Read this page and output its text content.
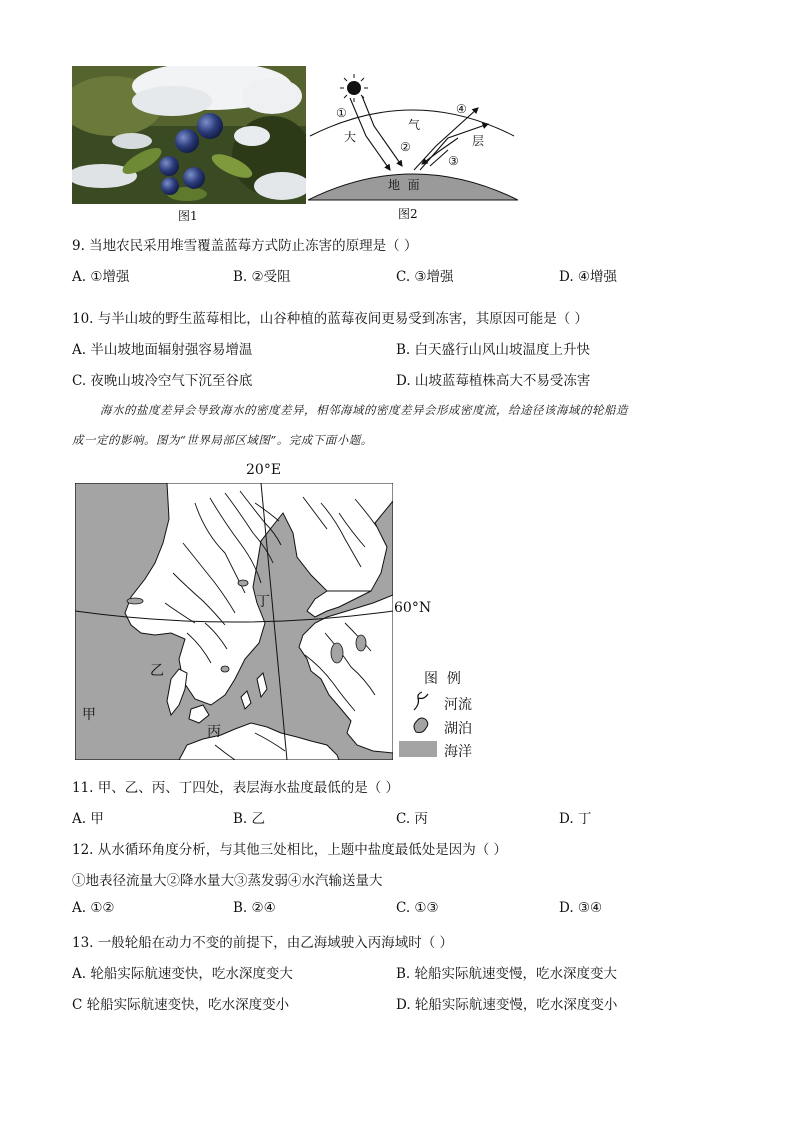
图1
①
②
③
④
大
气
层
地  面
图2
9. 当地农民采用堆雪覆盖蓝莓方式防止冻害的原理是（ ）
A. ①增强	B. ②受阻	C. ③增强	D. ④增强
10. 与半山坡的野生蓝莓相比，山谷种植的蓝莓夜间更易受到冻害，其原因可能是（ ）
A. 半山坡地面辐射强容易增温	B. 白天盛行山风山坡温度上升快
C. 夜晚山坡冷空气下沉至谷底	D. 山坡蓝莓植株高大不易受冻害
海水的盐度差异会导致海水的密度差异，相邻海域的密度差异会形成密度流，给途径该海域的轮船造
成一定的影响。图为“世界局部区域图”。完成下面小题。
20°E
60°N
甲
乙
丙
丁
图  例
河流
湖泊
海洋
11. 甲、乙、丙、丁四处，表层海水盐度最低的是（ ）
A. 甲	B. 乙	C. 丙	D. 丁
12. 从水循环角度分析，与其他三处相比，上题中盐度最低处是因为（ ）
①地表径流量大②降水量大③蒸发弱④水汽输送量大
A. ①②	B. ②④	C. ①③	D. ③④
13. 一般轮船在动力不变的前提下，由乙海域驶入丙海域时（ ）
A. 轮船实际航速变快，吃水深度变大	B. 轮船实际航速变慢，吃水深度变大
C 轮船实际航速变快，吃水深度变小	D. 轮船实际航速变慢，吃水深度变小
